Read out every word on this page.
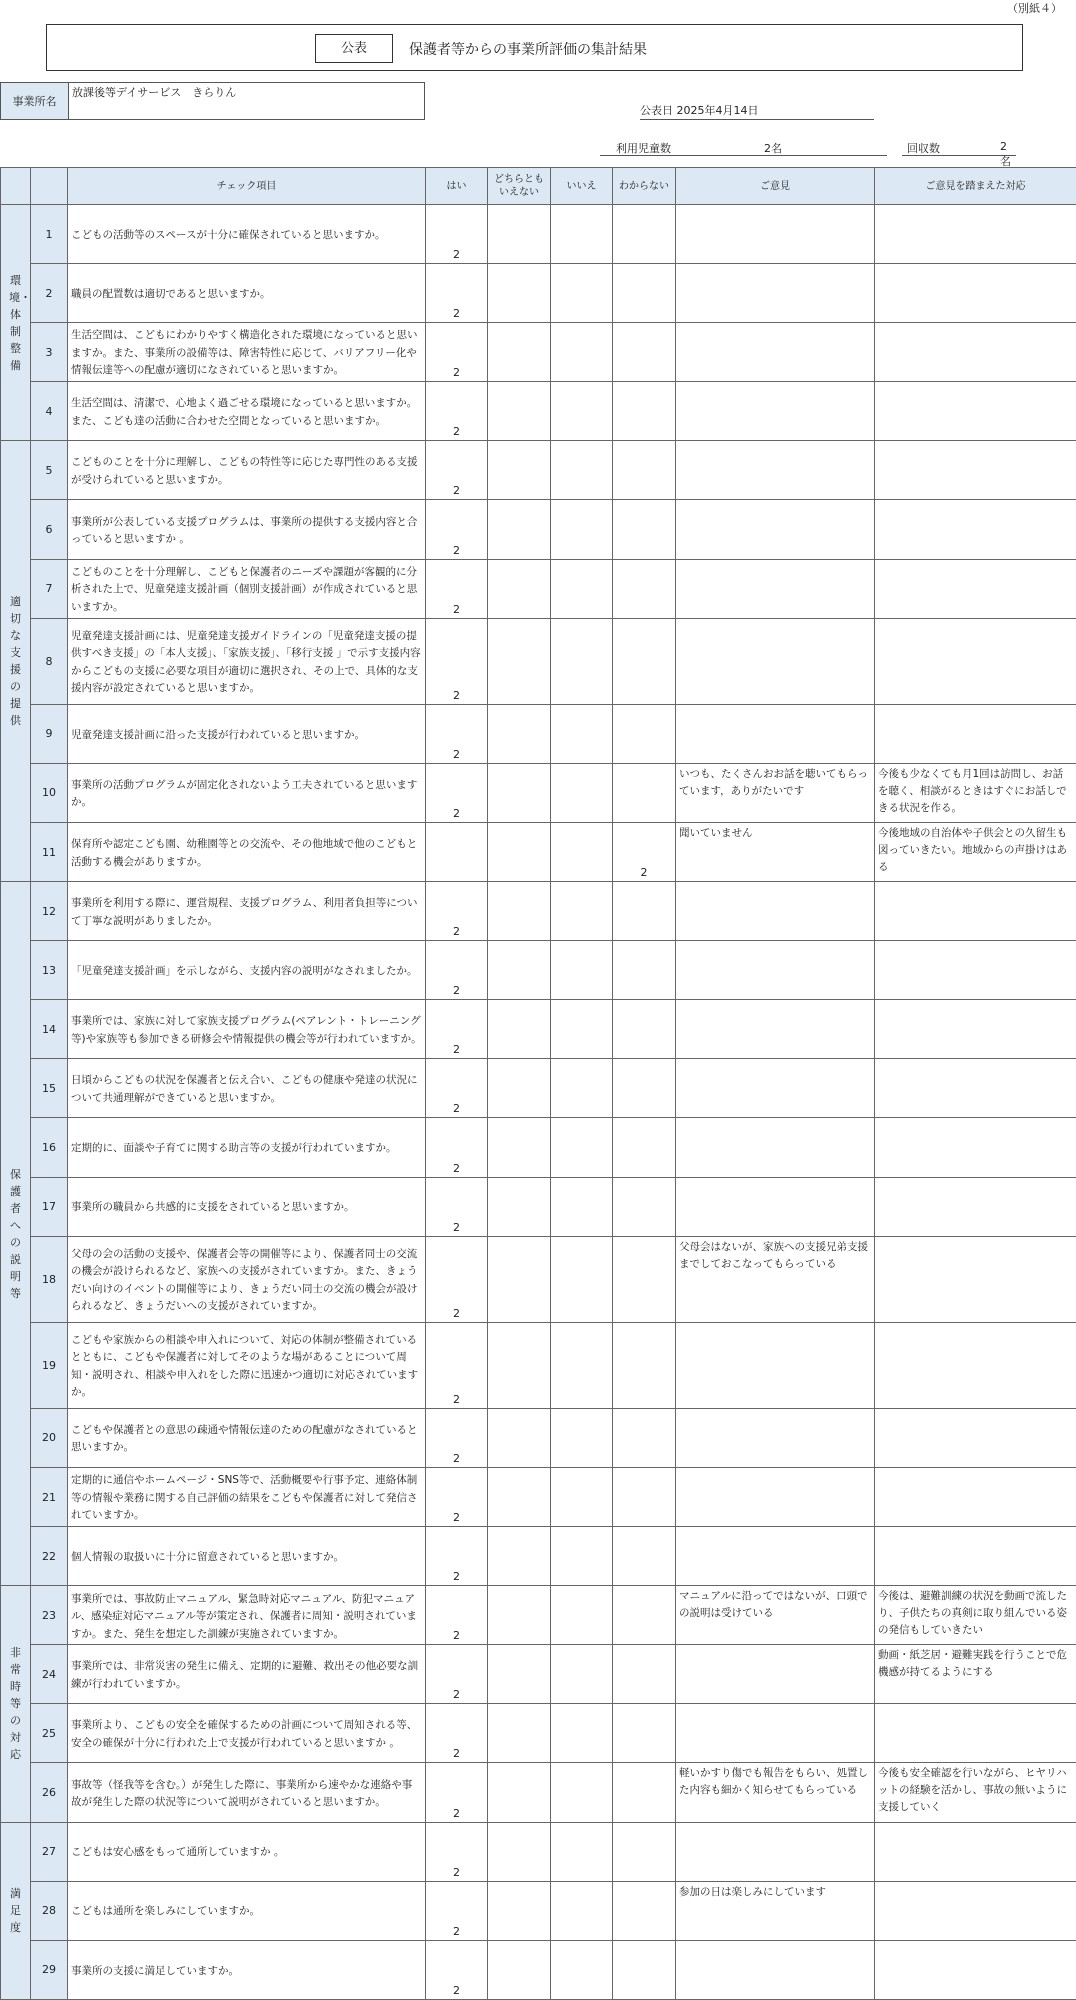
（別紙４）
公表	保護者等からの事業所評価の集計結果
事業所名
放課後等デイサービス　きらりん
公表日 2025年4月14日
利用児童数	2名	回収数	2名
		チェック項目	はい	どちらとも いえない	いいえ	わからない	ご意見	ご意見を踏まえた対応

環境・体制整備	1	こどもの活動等のスペースが十分に確保されていると思いますか。	2					
	2	職員の配置数は適切であると思いますか。	2					
	3	生活空間は、こどもにわかりやすく構造化された環境になっていると思いますか。また、事業所の設備等は、障害特性に応じて、バリアフリー化や情報伝達等への配慮が適切になされていると思いますか。	2					
	4	生活空間は、清潔で、心地よく過ごせる環境になっていると思いますか。また、こども達の活動に合わせた空間となっていると思いますか。	2					

適切な支援の提供	5	こどものことを十分に理解し、こどもの特性等に応じた専門性のある支援が受けられていると思いますか。	2					
	6	事業所が公表している支援プログラムは、事業所の提供する支援内容と合っていると思いますか 。	2					
	7	こどものことを十分理解し、こどもと保護者のニーズや課題が客観的に分析された上で、児童発達支援計画（個別支援計画）が作成されていると思いますか。	2					
	8	児童発達支援計画には、児童発達支援ガイドラインの「児童発達支援の提供すべき支援」の「本人支援」、「家族支援」、「移行支援 」で示す支援内容からこどもの支援に必要な項目が適切に選択され、その上で、具体的な支援内容が設定されていると思いますか。	2					
	9	児童発達支援計画に沿った支援が行われていると思いますか。	2					
	10	事業所の活動プログラムが固定化されないよう工夫されていると思いますか。	2				いつも、たくさんおお話を聴いてもらっています，ありがたいです	今後も少なくても月1回は訪問し、お話を聴く、相談がるときはすぐにお話しできる状況を作る。
	11	保育所や認定こども園、幼稚園等との交流や、その他地域で他のこどもと活動する機会がありますか。				2	聞いていません	今後地域の自治体や子供会との久留生も図っていきたい。地域からの声掛けはある

保護者への説明等	12	事業所を利用する際に、運営規程、支援プログラム、利用者負担等について丁寧な説明がありましたか。	2					
	13	「児童発達支援計画」を示しながら、支援内容の説明がなされましたか。	2					
	14	事業所では、家族に対して家族支援プログラム(ペアレント・トレーニング等)や家族等も参加できる研修会や情報提供の機会等が行われていますか。	2					
	15	日頃からこどもの状況を保護者と伝え合い、こどもの健康や発達の状況について共通理解ができていると思いますか。	2					
	16	定期的に、面談や子育てに関する助言等の支援が行われていますか。	2					
	17	事業所の職員から共感的に支援をされていると思いますか。	2					
	18	父母の会の活動の支援や、保護者会等の開催等により、保護者同士の交流の機会が設けられるなど、家族への支援がされていますか。また、きょうだい向けのイベントの開催等により、きょうだい同士の交流の機会が設けられるなど、きょうだいへの支援がされていますか。	2				父母会はないが、家族への支援兄弟支援までしておこなってもらっている	
	19	こどもや家族からの相談や申入れについて、対応の体制が整備されているとともに、こどもや保護者に対してそのような場があることについて周知・説明され、相談や申入れをした際に迅速かつ適切に対応されていますか。	2					
	20	こどもや保護者との意思の疎通や情報伝達のための配慮がなされていると思いますか。	2					
	21	定期的に通信やホームページ・SNS等で、活動概要や行事予定、連絡体制等の情報や業務に関する自己評価の結果をこどもや保護者に対して発信されていますか。	2					
	22	個人情報の取扱いに十分に留意されていると思いますか。	2					

非常時等の対応	23	事業所では、事故防止マニュアル、緊急時対応マニュアル、防犯マニュアル、感染症対応マニュアル等が策定され、保護者に周知・説明されていますか。また、発生を想定した訓練が実施されていますか。	2				マニュアルに沿ってではないが、口頭での説明は受けている	今後は、避難訓練の状況を動画で流したり、子供たちの真剣に取り組んでいる姿の発信もしていきたい
	24	事業所では、非常災害の発生に備え、定期的に避難、救出その他必要な訓練が行われていますか。	2					動画・紙芝居・避難実践を行うことで危機感が持てるようにする
	25	事業所より、こどもの安全を確保するための計画について周知される等、安全の確保が十分に行われた上で支援が行われていると思いますか 。	2					
	26	事故等（怪我等を含む。）が発生した際に、事業所から速やかな連絡や事故が発生した際の状況等について説明がされていると思いますか。	2				軽いかすり傷でも報告をもらい、処置した内容も細かく知らせてもらっている	今後も安全確認を行いながら、ヒヤリハットの経験を活かし、事故の無いように支援していく

満足度	27	こどもは安心感をもって通所していますか 。	2					
	28	こどもは通所を楽しみにしていますか。	2				参加の日は楽しみにしています	
	29	事業所の支援に満足していますか。	2					
